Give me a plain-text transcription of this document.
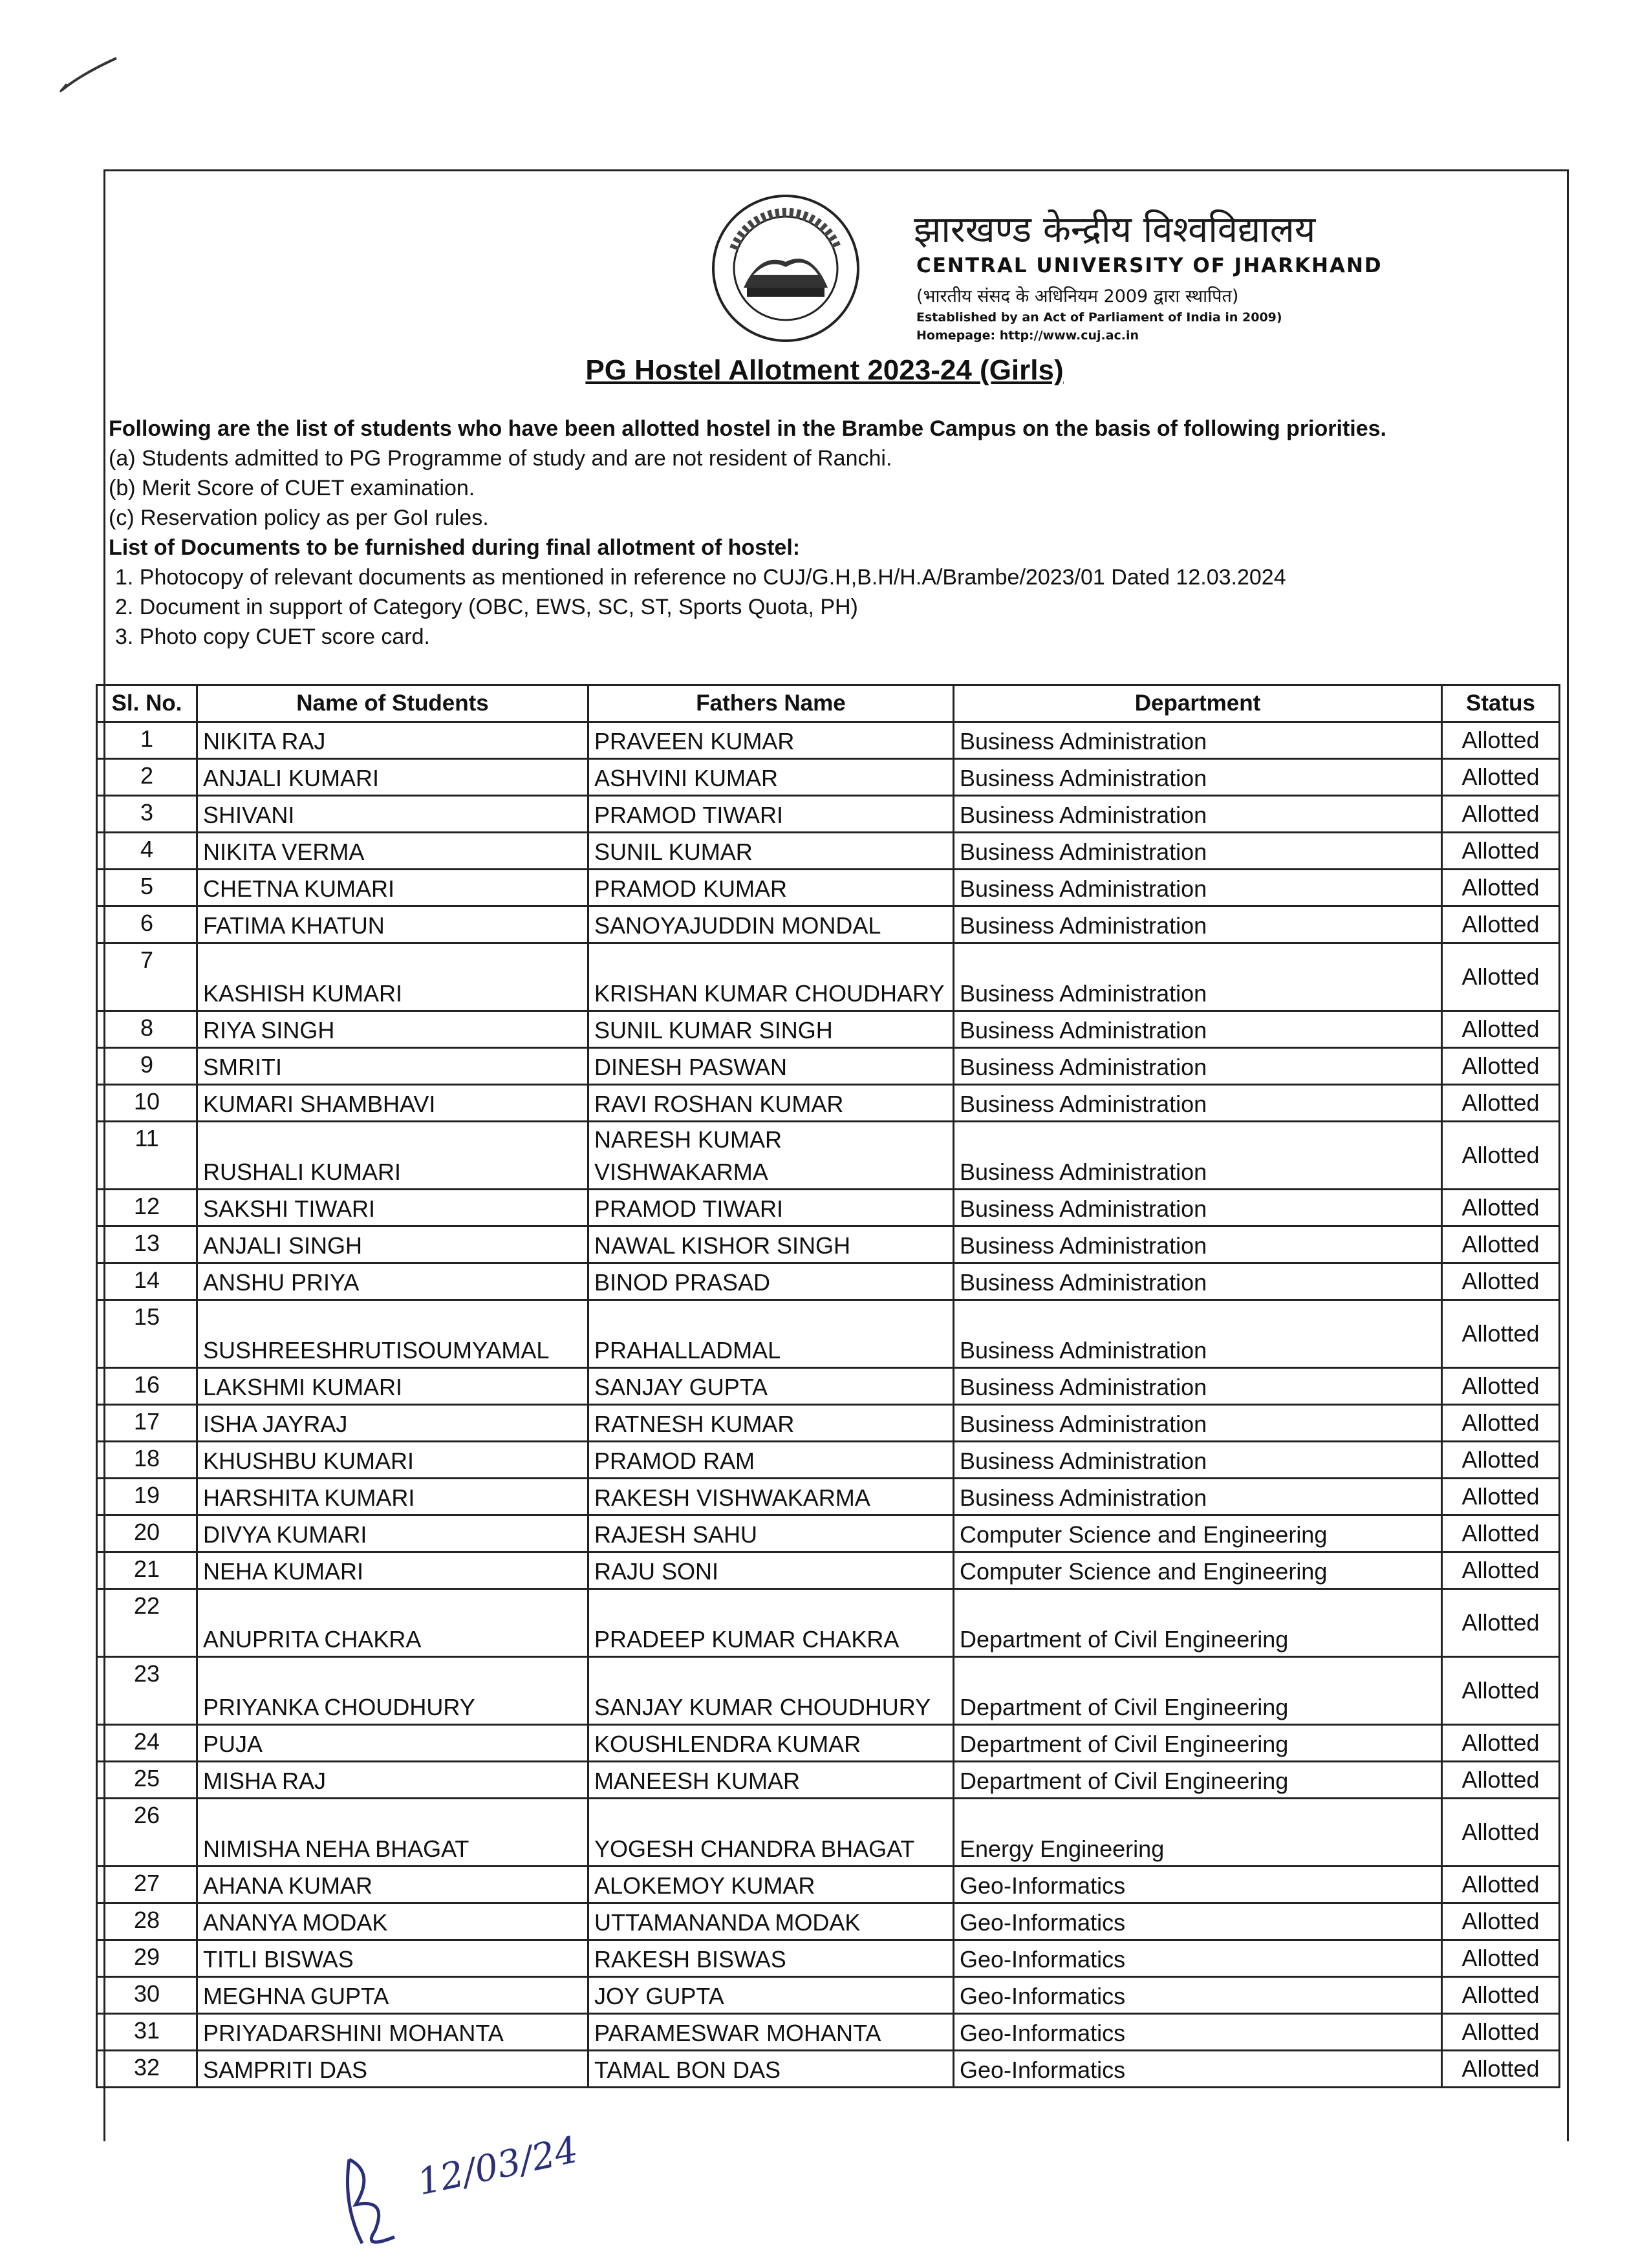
झारखण्ड केन्द्रीय विश्वविद्यालय
CENTRAL UNIVERSITY OF JHARKHAND
(भारतीय संसद के अधिनियम 2009 द्वारा स्थापित)
Established by an Act of Parliament of India in 2009)
Homepage: http://www.cuj.ac.in
PG Hostel Allotment 2023-24 (Girls)
Following are the list of students who have been allotted hostel in the Brambe Campus on the basis of following priorities.
(a) Students admitted to PG Programme of study and are not resident of Ranchi.
(b) Merit Score of CUET examination.
(c) Reservation policy as per GoI rules.
List of Documents to be furnished during final allotment of hostel:
1. Photocopy of relevant documents as mentioned in reference no CUJ/G.H,B.H/H.A/Brambe/2023/01 Dated 12.03.2024
2. Document in support of Category (OBC, EWS, SC, ST, Sports Quota, PH)
3. Photo copy CUET score card.
Sl. No.	Name of Students	Fathers Name	Department	Status
1	NIKITA RAJ	PRAVEEN KUMAR	Business Administration	Allotted
2	ANJALI KUMARI	ASHVINI KUMAR	Business Administration	Allotted
3	SHIVANI	PRAMOD TIWARI	Business Administration	Allotted
4	NIKITA VERMA	SUNIL KUMAR	Business Administration	Allotted
5	CHETNA KUMARI	PRAMOD KUMAR	Business Administration	Allotted
6	FATIMA KHATUN	SANOYAJUDDIN MONDAL	Business Administration	Allotted
7	KASHISH KUMARI	KRISHAN KUMAR CHOUDHARY	Business Administration	Allotted
8	RIYA SINGH	SUNIL KUMAR SINGH	Business Administration	Allotted
9	SMRITI	DINESH PASWAN	Business Administration	Allotted
10	KUMARI SHAMBHAVI	RAVI ROSHAN KUMAR	Business Administration	Allotted
11	RUSHALI KUMARI	NARESH KUMAR VISHWAKARMA	Business Administration	Allotted
12	SAKSHI TIWARI	PRAMOD TIWARI	Business Administration	Allotted
13	ANJALI SINGH	NAWAL KISHOR SINGH	Business Administration	Allotted
14	ANSHU PRIYA	BINOD PRASAD	Business Administration	Allotted
15	SUSHREESHRUTISOUMYAMAL	PRAHALLADMAL	Business Administration	Allotted
16	LAKSHMI KUMARI	SANJAY GUPTA	Business Administration	Allotted
17	ISHA JAYRAJ	RATNESH KUMAR	Business Administration	Allotted
18	KHUSHBU KUMARI	PRAMOD RAM	Business Administration	Allotted
19	HARSHITA KUMARI	RAKESH VISHWAKARMA	Business Administration	Allotted
20	DIVYA KUMARI	RAJESH SAHU	Computer Science and Engineering	Allotted
21	NEHA KUMARI	RAJU SONI	Computer Science and Engineering	Allotted
22	ANUPRITA CHAKRA	PRADEEP KUMAR CHAKRA	Department of Civil Engineering	Allotted
23	PRIYANKA CHOUDHURY	SANJAY KUMAR CHOUDHURY	Department of Civil Engineering	Allotted
24	PUJA	KOUSHLENDRA KUMAR	Department of Civil Engineering	Allotted
25	MISHA RAJ	MANEESH KUMAR	Department of Civil Engineering	Allotted
26	NIMISHA NEHA BHAGAT	YOGESH CHANDRA BHAGAT	Energy Engineering	Allotted
27	AHANA KUMAR	ALOKEMOY KUMAR	Geo-Informatics	Allotted
28	ANANYA MODAK	UTTAMANANDA MODAK	Geo-Informatics	Allotted
29	TITLI BISWAS	RAKESH BISWAS	Geo-Informatics	Allotted
30	MEGHNA GUPTA	JOY GUPTA	Geo-Informatics	Allotted
31	PRIYADARSHINI MOHANTA	PARAMESWAR MOHANTA	Geo-Informatics	Allotted
32	SAMPRITI DAS	TAMAL BON DAS	Geo-Informatics	Allotted
12/03/24
